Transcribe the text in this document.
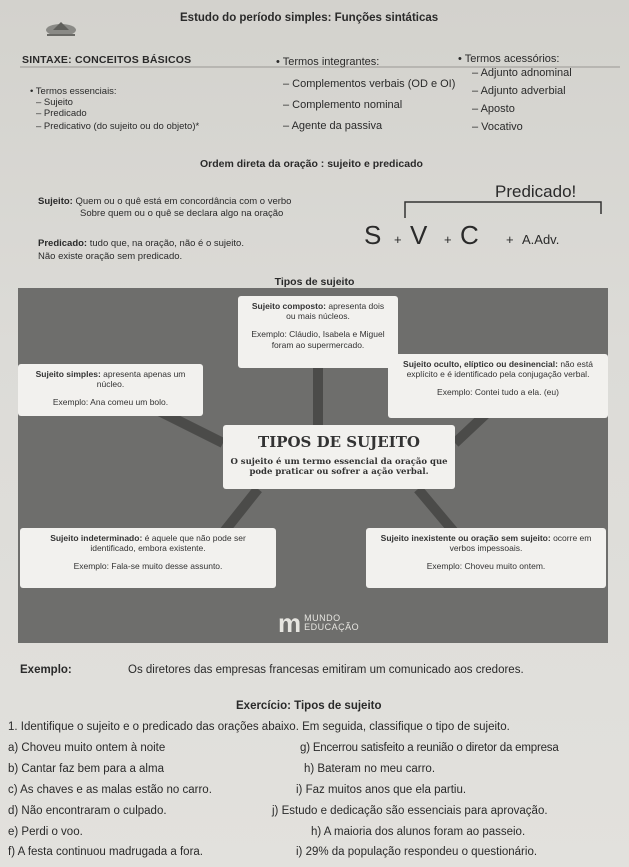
Estudo do período simples: Funções sintáticas
SINTAXE: CONCEITOS BÁSICOS
• Termos essenciais:
– Sujeito
– Predicado
– Predicativo (do sujeito ou do objeto)*
• Termos integrantes:
– Complementos verbais (OD e OI)
– Complemento nominal
– Agente da passiva
• Termos acessórios:
– Adjunto adnominal
– Adjunto adverbial
– Aposto
– Vocativo
Ordem direta da oração : sujeito e predicado
Sujeito: Quem ou o quê está em concordância com o verbo
Sobre quem ou o quê se declara algo na oração
Predicado: tudo que, na oração, não é o sujeito.
Não existe oração sem predicado.
Predicado!
S + V + C + A.Adv.
Tipos de sujeito
Sujeito composto: apresenta dois ou mais núcleos.
Exemplo: Cláudio, Isabela e Miguel foram ao supermercado.
Sujeito simples: apresenta apenas um núcleo.
Exemplo: Ana comeu um bolo.
Sujeito oculto, elíptico ou desinencial: não está explícito e é identificado pela conjugação verbal.
Exemplo: Contei tudo a ela. (eu)
TIPOS DE SUJEITO
O sujeito é um termo essencial da oração que pode praticar ou sofrer a ação verbal.
Sujeito indeterminado: é aquele que não pode ser identificado, embora existente.
Exemplo: Fala-se muito desse assunto.
Sujeito inexistente ou oração sem sujeito: ocorre em verbos impessoais.
Exemplo: Choveu muito ontem.
m MUNDO
EDUCAÇÃO
Exemplo:	Os diretores das empresas francesas emitiram um comunicado aos credores.
Exercício: Tipos de sujeito
1. Identifique o sujeito e o predicado das orações abaixo. Em seguida, classifique o tipo de sujeito.
a) Choveu muito ontem à noite
b) Cantar faz bem para a alma
c) As chaves e as malas estão no carro.
d) Não encontraram o culpado.
e) Perdi o voo.
f) A festa continuou madrugada a fora.
g) Encerrou satisfeito a reunião o diretor da empresa
h) Bateram no meu carro.
i) Faz muitos anos que ela partiu.
j) Estudo e dedicação são essenciais para aprovação.
h) A maioria dos alunos foram ao passeio.
i) 29% da população respondeu o questionário.
